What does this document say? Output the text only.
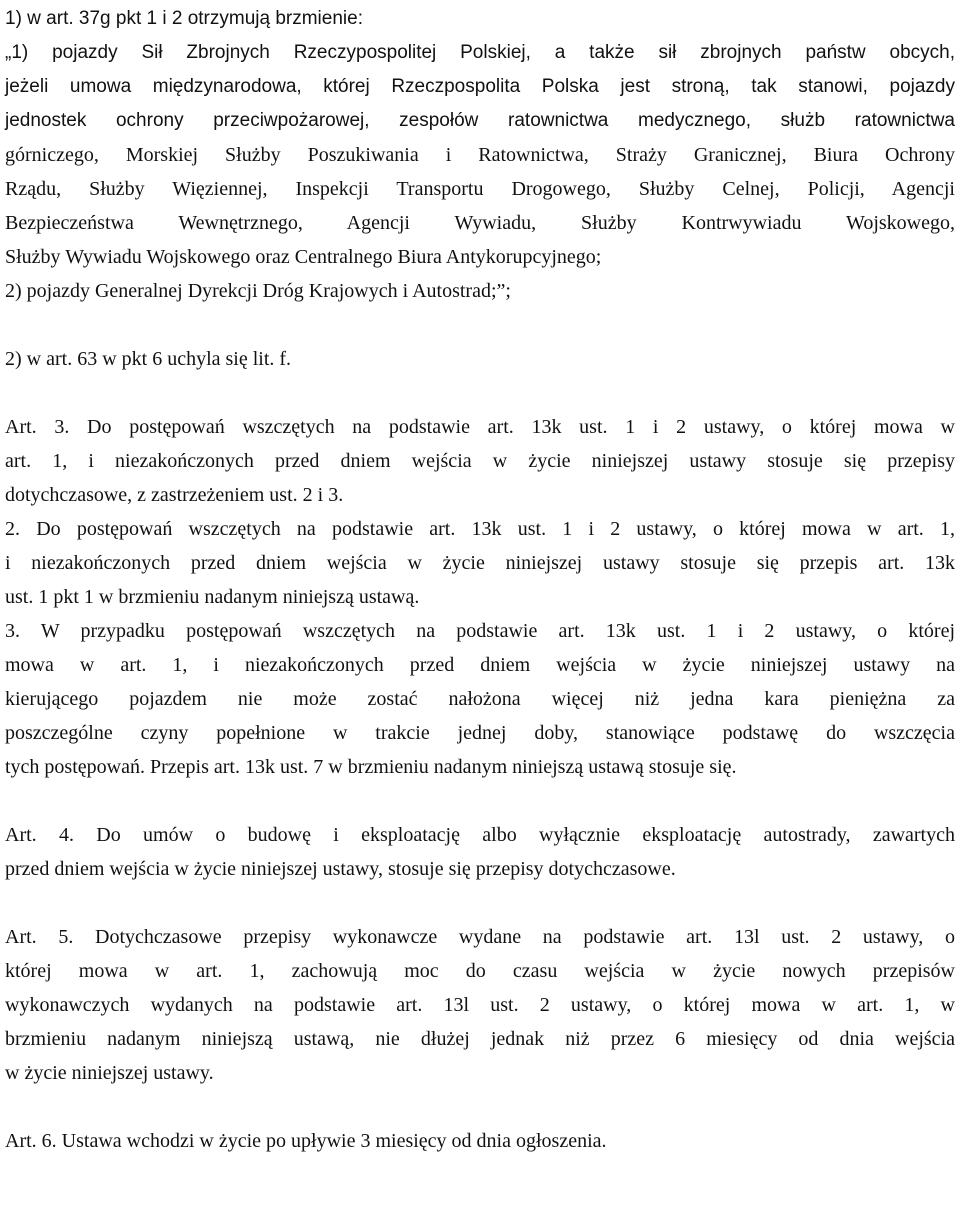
1) w art. 37g pkt 1 i 2 otrzymują brzmienie:
„1) pojazdy Sił Zbrojnych Rzeczypospolitej Polskiej, a także sił zbrojnych państw obcych,
jeżeli umowa międzynarodowa, której Rzeczpospolita Polska jest stroną, tak stanowi, pojazdy
jednostek ochrony przeciwpożarowej, zespołów ratownictwa medycznego, służb ratownictwa
górniczego, Morskiej Służby Poszukiwania i Ratownictwa, Straży Granicznej, Biura Ochrony
Rządu, Służby Więziennej, Inspekcji Transportu Drogowego, Służby Celnej, Policji, Agencji
Bezpieczeństwa Wewnętrznego, Agencji Wywiadu, Służby Kontrwywiadu Wojskowego,
Służby Wywiadu Wojskowego oraz Centralnego Biura Antykorupcyjnego;
2) pojazdy Generalnej Dyrekcji Dróg Krajowych i Autostrad;”;
2) w art. 63 w pkt 6 uchyla się lit. f.
Art. 3. Do postępowań wszczętych na podstawie art. 13k ust. 1 i 2 ustawy, o której mowa w
art. 1, i niezakończonych przed dniem wejścia w życie niniejszej ustawy stosuje się przepisy
dotychczasowe, z zastrzeżeniem ust. 2 i 3.
2. Do postępowań wszczętych na podstawie art. 13k ust. 1 i 2 ustawy, o której mowa w art. 1,
i niezakończonych przed dniem wejścia w życie niniejszej ustawy stosuje się przepis art. 13k
ust. 1 pkt 1 w brzmieniu nadanym niniejszą ustawą.
3. W przypadku postępowań wszczętych na podstawie art. 13k ust. 1 i 2 ustawy, o której
mowa w art. 1, i niezakończonych przed dniem wejścia w życie niniejszej ustawy na
kierującego pojazdem nie może zostać nałożona więcej niż jedna kara pieniężna za
poszczególne czyny popełnione w trakcie jednej doby, stanowiące podstawę do wszczęcia
tych postępowań. Przepis art. 13k ust. 7 w brzmieniu nadanym niniejszą ustawą stosuje się.
Art. 4. Do umów o budowę i eksploatację albo wyłącznie eksploatację autostrady, zawartych
przed dniem wejścia w życie niniejszej ustawy, stosuje się przepisy dotychczasowe.
Art. 5. Dotychczasowe przepisy wykonawcze wydane na podstawie art. 13l ust. 2 ustawy, o
której mowa w art. 1, zachowują moc do czasu wejścia w życie nowych przepisów
wykonawczych wydanych na podstawie art. 13l ust. 2 ustawy, o której mowa w art. 1, w
brzmieniu nadanym niniejszą ustawą, nie dłużej jednak niż przez 6 miesięcy od dnia wejścia
w życie niniejszej ustawy.
Art. 6. Ustawa wchodzi w życie po upływie 3 miesięcy od dnia ogłoszenia.
